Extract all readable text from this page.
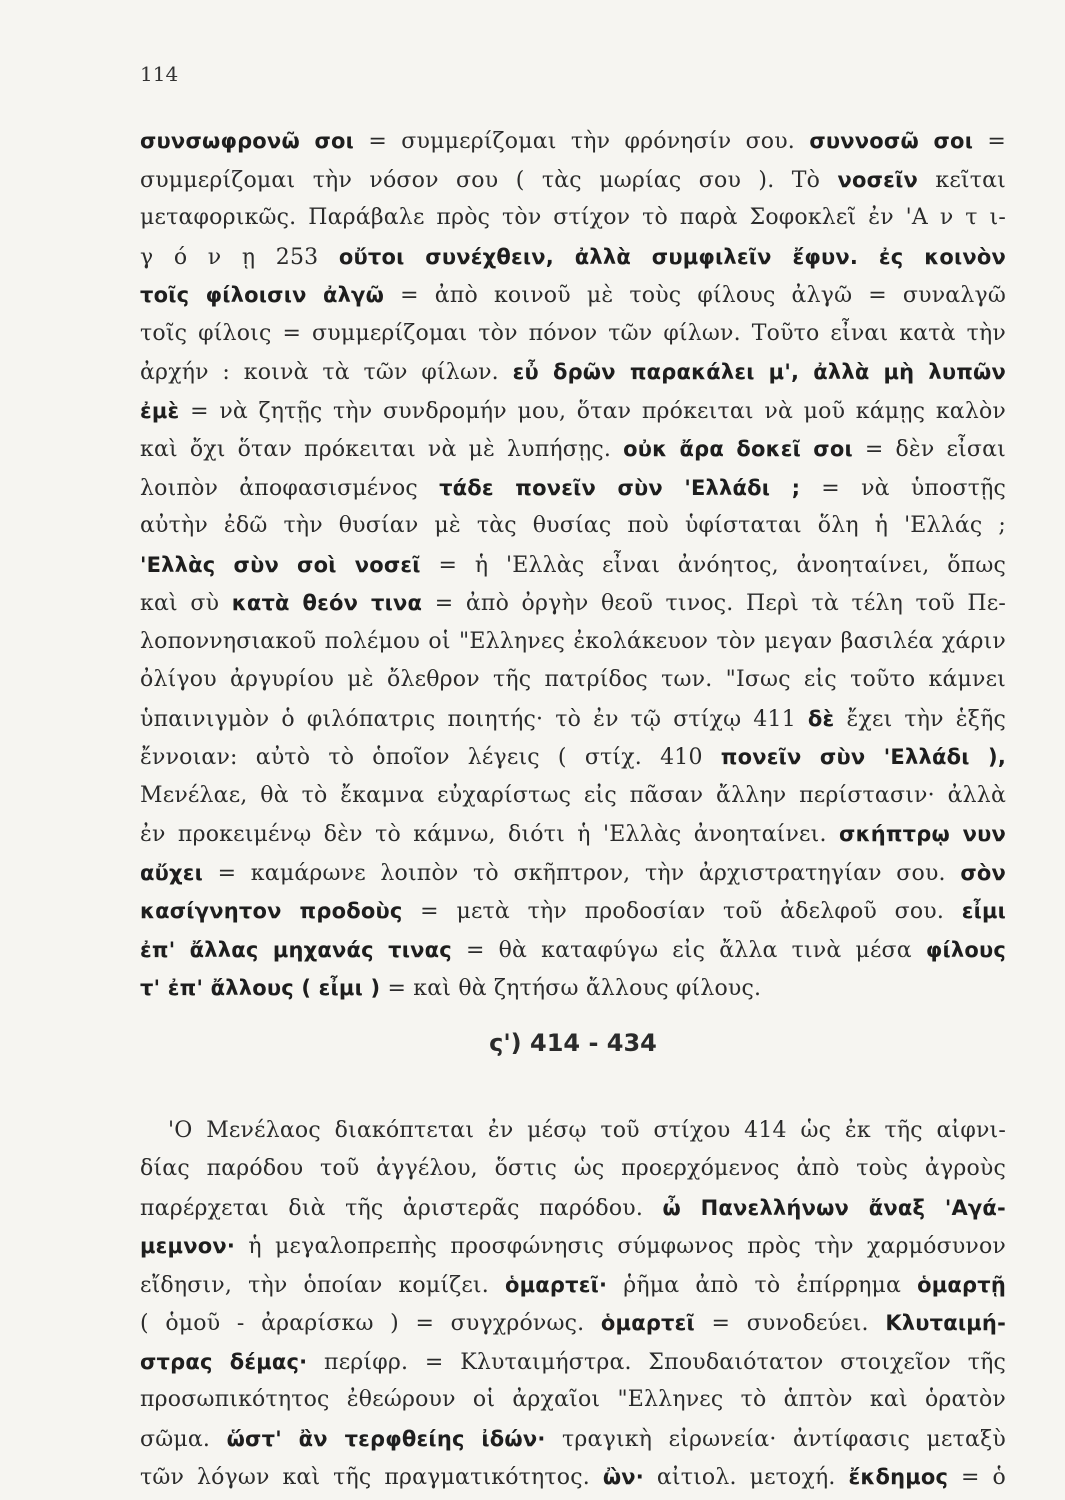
114
συνσωφρονῶ σοι = συμμερίζομαι τὴν φρόνησίν σου. συννοσῶ σοι =
συμμερίζομαι τὴν νόσον σου ( τὰς μωρίας σου ). Τὸ νοσεῖν κεῖται
μεταφορικῶς. Παράβαλε πρὸς τὸν στίχον τὸ παρὰ Σοφοκλεῖ ἐν 'Α ν τ ι-
γ ό ν ῃ 253 οὔτοι συνέχθειν, ἀλλὰ συμφιλεῖν ἔφυν. ἐς κοινὸν
τοῖς φίλοισιν ἀλγῶ = ἀπὸ κοινοῦ μὲ τοὺς φίλους ἀλγῶ = συναλγῶ
τοῖς φίλοις = συμμερίζομαι τὸν πόνον τῶν φίλων. Τοῦτο εἶναι κατὰ τὴν
ἀρχήν : κοινὰ τὰ τῶν φίλων. εὖ δρῶν παρακάλει μ', ἀλλὰ μὴ λυπῶν
ἐμὲ = νὰ ζητῇς τὴν συνδρομήν μου, ὅταν πρόκειται νὰ μοῦ κάμῃς καλὸν
καὶ ὄχι ὅταν πρόκειται νὰ μὲ λυπήσῃς. οὐκ ἄρα δοκεῖ σοι = δὲν εἶσαι
λοιπὸν ἀποφασισμένος τάδε πονεῖν σὺν 'Ελλάδι ; = νὰ ὑποστῇς
αὐτὴν ἐδῶ τὴν θυσίαν μὲ τὰς θυσίας ποὺ ὑφίσταται ὅλη ἡ 'Ελλάς ;
'Ελλὰς σὺν σοὶ νοσεῖ = ἡ 'Ελλὰς εἶναι ἀνόητος, ἀνοηταίνει, ὅπως
καὶ σὺ κατὰ θεόν τινα = ἀπὸ ὀργὴν θεοῦ τινος. Περὶ τὰ τέλη τοῦ Πε-
λοποννησιακοῦ πολέμου οἱ "Ελληνες ἐκολάκευον τὸν μεγαν βασιλέα χάριν
ὀλίγου ἀργυρίου μὲ ὄλεθρον τῆς πατρίδος των. "Ισως εἰς τοῦτο κάμνει
ὑπαινιγμὸν ὁ φιλόπατρις ποιητής· τὸ ἐν τῷ στίχῳ 411 δὲ ἔχει τὴν ἑξῆς
ἔννοιαν: αὐτὸ τὸ ὁποῖον λέγεις ( στίχ. 410 πονεῖν σὺν 'Ελλάδι ),
Μενέλαε, θὰ τὸ ἔκαμνα εὐχαρίστως εἰς πᾶσαν ἄλλην περίστασιν· ἀλλὰ
ἐν προκειμένῳ δὲν τὸ κάμνω, διότι ἡ 'Ελλὰς ἀνοηταίνει. σκήπτρῳ νυν
αὔχει = καμάρωνε λοιπὸν τὸ σκῆπτρον, τὴν ἀρχιστρατηγίαν σου. σὸν
κασίγνητον προδοὺς = μετὰ τὴν προδοσίαν τοῦ ἀδελφοῦ σου. εἶμι
ἐπ' ἄλλας μηχανάς τινας = θὰ καταφύγω εἰς ἄλλα τινὰ μέσα φίλους
τ' ἐπ' ἄλλους ( εἶμι ) = καὶ θὰ ζητήσω ἄλλους φίλους.
ς') 414 - 434
'Ο Μενέλαος διακόπτεται ἐν μέσῳ τοῦ στίχου 414 ὡς ἐκ τῆς αἰφνι-
δίας παρόδου τοῦ ἀγγέλου, ὅστις ὡς προερχόμενος ἀπὸ τοὺς ἀγροὺς
παρέρχεται διὰ τῆς ἀριστερᾶς παρόδου. ὦ Πανελλήνων ἄναξ 'Αγά-
μεμνον· ἡ μεγαλοπρεπὴς προσφώνησις σύμφωνος πρὸς τὴν χαρμόσυνον
εἴδησιν, τὴν ὁποίαν κομίζει. ὁμαρτεῖ· ῥῆμα ἀπὸ τὸ ἐπίρρημα ὁμαρτῇ
( ὁμοῦ - ἀραρίσκω ) = συγχρόνως. ὁμαρτεῖ = συνοδεύει. Κλυταιμή-
στρας δέμας· περίφρ. = Κλυταιμήστρα. Σπουδαιότατον στοιχεῖον τῆς
προσωπικότητος ἐθεώρουν οἱ ἀρχαῖοι "Ελληνες τὸ ἁπτὸν καὶ ὁρατὸν
σῶμα. ὥστ' ἂν τερφθείης ἰδών· τραγικὴ εἰρωνεία· ἀντίφασις μεταξὺ
τῶν λόγων καὶ τῆς πραγματικότητος. ὢν· αἰτιολ. μετοχή. ἔκδημος = ὁ
